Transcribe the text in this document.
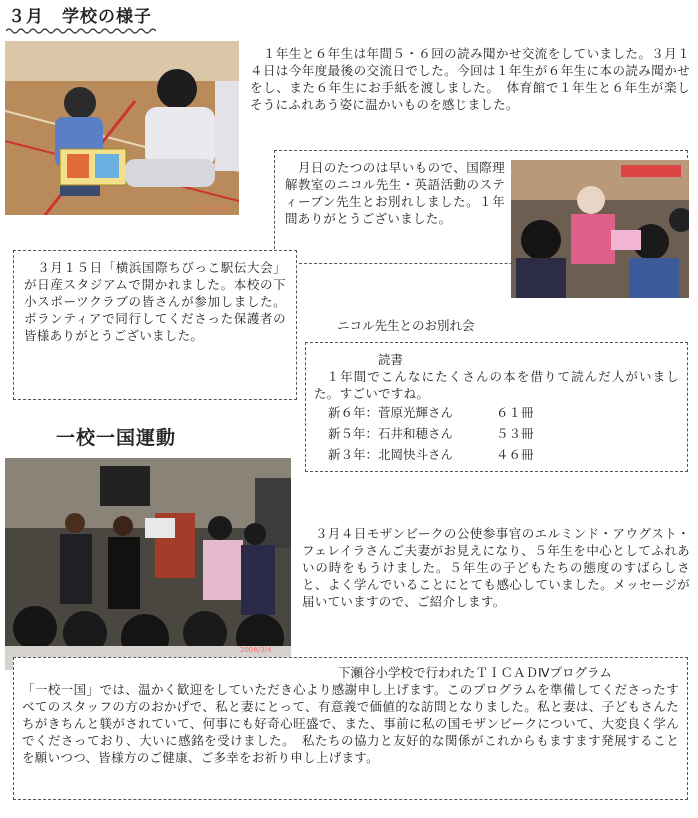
３月　学校の様子
2008/3/14
　１年生と６年生は年間５・６回の読み聞かせ交流をしていました。３月１４日は今年度最後の交流日でした。今回は１年生が６年生に本の読み聞かせをし、また６年生にお手紙を渡しました。　体育館で１年生と６年生が楽しそうにふれあう姿に温かいものを感じました。
　月日のたつのは早いもので、国際理解教室のニコル先生・英語活動のスティーブン先生とお別れしました。１年間ありがとうございました。
　３月１５日「横浜国際ちびっこ駅伝大会」が日産スタジアムで開かれました。本校の下小スポーツクラブの皆さんが参加しました。ボランティアで同行してくださった保護者の皆様ありがとうございました。
ニコル先生とのお別れ会
読書
１年間でこんなにたくさんの本を借りて読んだ人がいました。すごいですね。
新６年：菅原光輝さん	６１冊
新５年：石井和穂さん	５３冊
新３年：北岡快斗さん	４６冊
一校一国運動
2008/3/4
　３月４日モザンビークの公使参事官のエルミンド・アウグスト・フェレイラさんご夫妻がお見えになり、５年生を中心としてふれあいの時をもうけました。５年生の子どもたちの態度のすばらしさと、よく学んでいることにとても感心していました。メッセージが届いていますので、ご紹介します。
下瀬谷小学校で行われたＴＩＣＡＤⅣプログラム
「一校一国」では、温かく歓迎をしていただき心より感謝申し上げます。このプログラムを準備してくださったすべてのスタッフの方のおかげで、私と妻にとって、有意義で価値的な訪問となりました。私と妻は、子どもさんたちがきちんと躾がされていて、何事にも好奇心旺盛で、また、事前に私の国モザンビークについて、大変良く学んでくださっており、大いに感銘を受けました。　私たちの協力と友好的な関係がこれからもますます発展することを願いつつ、皆様方のご健康、ご多幸をお祈り申し上げます。
